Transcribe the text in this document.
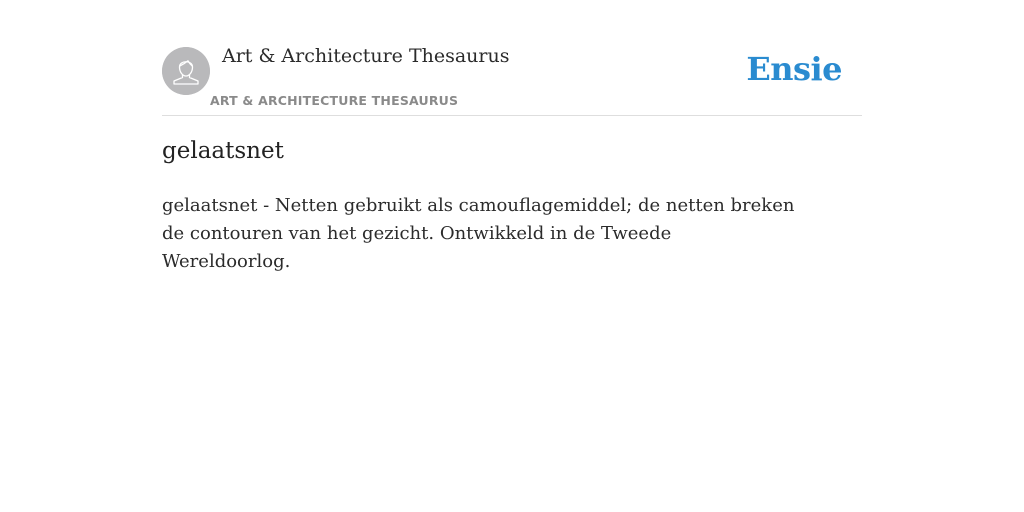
Art & Architecture Thesaurus
ART & ARCHITECTURE THESAURUS
Ensie
gelaatsnet

gelaatsnet - Netten gebruikt als camouflagemiddel; de netten breken de contouren van het gezicht. Ontwikkeld in de Tweede Wereldoorlog.
